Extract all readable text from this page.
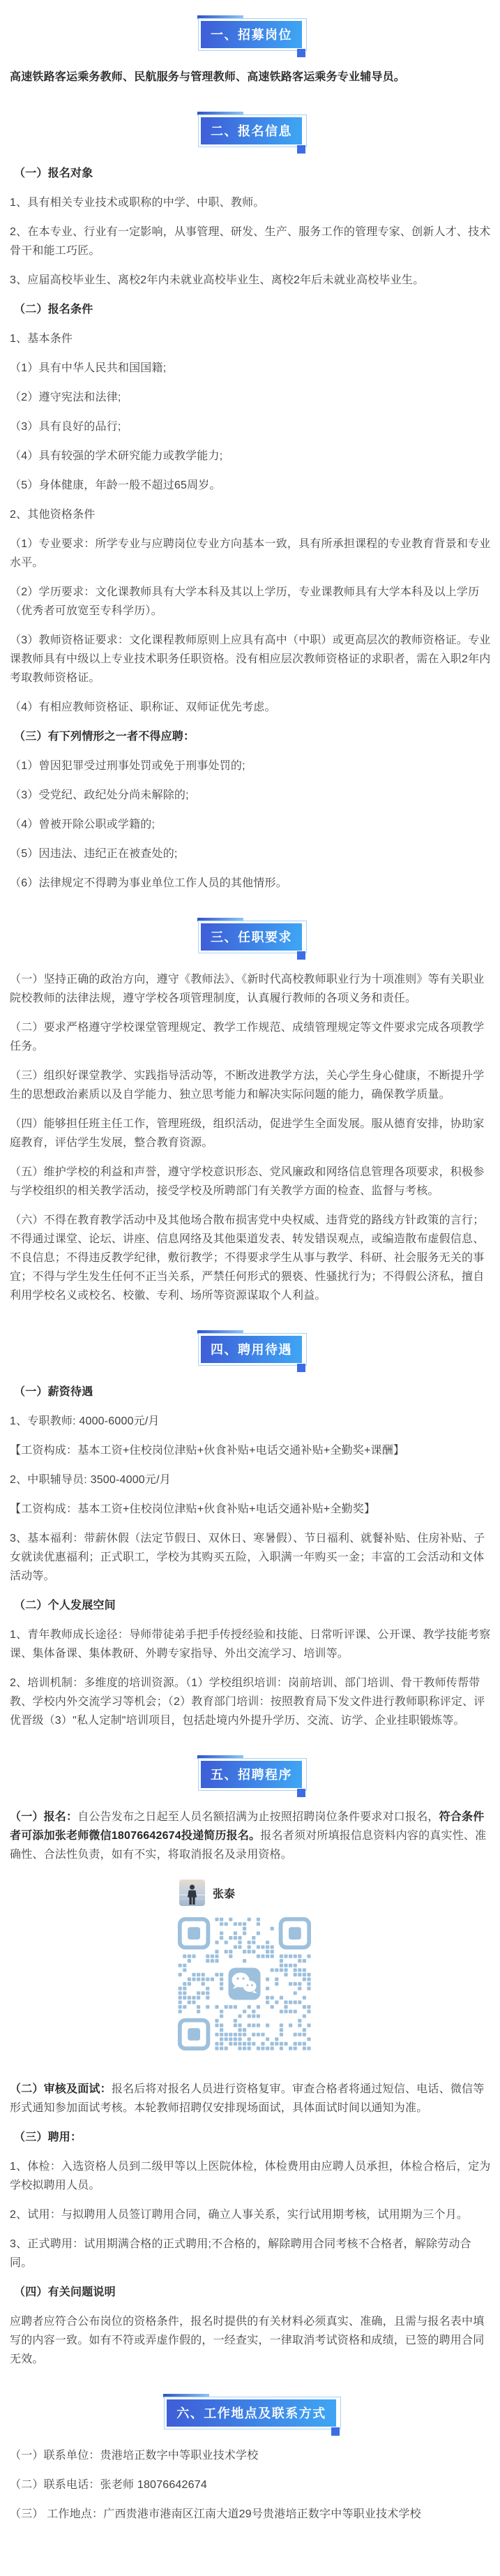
一、招募岗位

高速铁路客运乘务教师、民航服务与管理教师、高速铁路客运乘务专业辅导员。

二、报名信息

（一）报名对象

1、具有相关专业技术或职称的中学、中职、教师。

2、在本专业、行业有一定影响，从事管理、研发、生产、服务工作的管理专家、创新人才、技术骨干和能工巧匠。

3、应届高校毕业生、离校2年内未就业高校毕业生、离校2年后未就业高校毕业生。

（二）报名条件

1、基本条件

（1）具有中华人民共和国国籍;

（2）遵守宪法和法律;

（3）具有良好的品行;

（4）具有较强的学术研究能力或教学能力;

（5）身体健康，年龄一般不超过65周岁。

2、其他资格条件

（1）专业要求：所学专业与应聘岗位专业方向基本一致，具有所承担课程的专业教育背景和专业水平。

（2）学历要求：文化课教师具有大学本科及其以上学历，专业课教师具有大学本科及以上学历（优秀者可放宽至专科学历）。

（3）教师资格证要求：文化课程教师原则上应具有高中（中职）或更高层次的教师资格证。专业课教师具有中级以上专业技术职务任职资格。没有相应层次教师资格证的求职者，需在入职2年内考取教师资格证。

（4）有相应教师资格证、职称证、双师证优先考虑。

（三）有下列情形之一者不得应聘：

（1）曾因犯罪受过刑事处罚或免于刑事处罚的;

（3）受党纪、政纪处分尚未解除的;

（4）曾被开除公职或学籍的;

（5）因违法、违纪正在被查处的;

（6）法律规定不得聘为事业单位工作人员的其他情形。

三、任职要求

（一）坚持正确的政治方向，遵守《教师法》、《新时代高校教师职业行为十项准则》等有关职业院校教师的法律法规，遵守学校各项管理制度，认真履行教师的各项义务和责任。

（二）要求严格遵守学校课堂管理规定、教学工作规范、成绩管理规定等文件要求完成各项教学任务。

（三）组织好课堂教学、实践指导活动等，不断改进教学方法，关心学生身心健康，不断提升学生的思想政治素质以及自学能力、独立思考能力和解决实际问题的能力，确保教学质量。

（四）能够担任班主任工作，管理班级，组织活动，促进学生全面发展。服从德育安排，协助家庭教育，评估学生发展，整合教育资源。

（五）维护学校的利益和声誉，遵守学校意识形态、党风廉政和网络信息管理各项要求，积极参与学校组织的相关教学活动，接受学校及所聘部门有关教学方面的检查、监督与考核。

（六）不得在教育教学活动中及其他场合散布损害党中央权威、违背党的路线方针政策的言行；不得通过课堂、论坛、讲座、信息网络及其他渠道发表、转发错误观点，或编造散布虚假信息、不良信息；不得违反教学纪律，敷衍教学；不得要求学生从事与教学、科研、社会服务无关的事宜；不得与学生发生任何不正当关系，严禁任何形式的猥亵、性骚扰行为；不得假公济私，擅自利用学校名义或校名、校徽、专利、场所等资源谋取个人利益。

四、聘用待遇

（一）薪资待遇

1、专职教师: 4000-6000元/月

【工资构成：基本工资+住校岗位津贴+伙食补贴+电话交通补贴+全勤奖+课酬】

2、中职辅导员: 3500-4000元/月

【工资构成：基本工资+住校岗位津贴+伙食补贴+电话交通补贴+全勤奖】

3、基本福利：带薪休假（法定节假日、双休日、寒暑假）、节日福利、就餐补贴、住房补贴、子女就读优惠福利；正式职工，学校为其购买五险，入职满一年购买一金；丰富的工会活动和文体活动等。

（二）个人发展空间

1、青年教师成长途径：导师带徒弟手把手传授经验和技能、日常听评课、公开课、教学技能考察课、集体备课、集体教研、外聘专家指导、外出交流学习、培训等。

2、培训机制：多维度的培训资源。（1）学校组织培训：岗前培训、部门培训、骨干教师传帮带教、学校内外交流学习等机会；（2）教育部门培训：按照教育局下发文件进行教师职称评定、评优晋级（3）"私人定制"培训项目，包括赴境内外提升学历、交流、访学、企业挂职锻炼等。

五、招聘程序

（一）报名：自公告发布之日起至人员名额招满为止按照招聘岗位条件要求对口报名，符合条件者可添加张老师微信18076642674投递简历报名。报名者须对所填报信息资料内容的真实性、准确性、合法性负责，如有不实，将取消报名及录用资格。

张泰

（二）审核及面试：报名后将对报名人员进行资格复审。审查合格者将通过短信、电话、微信等形式通知参加面试考核。本轮教师招聘仅安排现场面试，具体面试时间以通知为准。

（三）聘用：

1、体检：入选资格人员到二级甲等以上医院体检，体检费用由应聘人员承担，体检合格后，定为学校拟聘用人员。

2、试用：与拟聘用人员签订聘用合同，确立人事关系，实行试用期考核，试用期为三个月。

3、正式聘用：试用期满合格的正式聘用;不合格的，解除聘用合同考核不合格者，解除劳动合同。

（四）有关问题说明

应聘者应符合公布岗位的资格条件，报名时提供的有关材料必须真实、准确，且需与报名表中填写的内容一致。如有不符或弄虚作假的，一经查实，一律取消考试资格和成绩，已签的聘用合同无效。

六、工作地点及联系方式

（一）联系单位：贵港培正数字中等职业技术学校

（二）联系电话：张老师 18076642674

（三） 工作地点：广西贵港市港南区江南大道29号贵港培正数字中等职业技术学校
